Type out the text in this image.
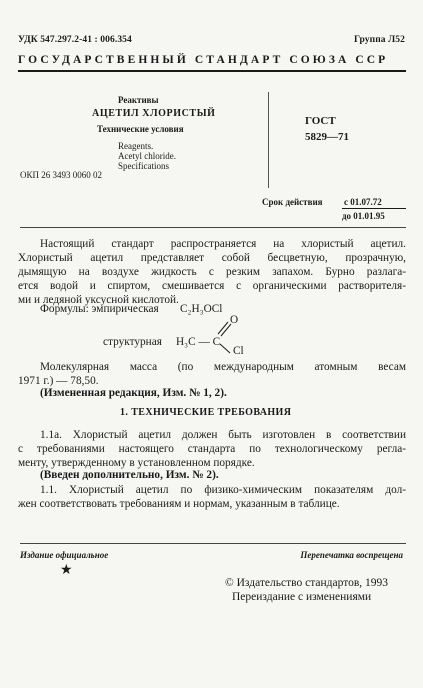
УДК 547.297.2-41 : 006.354	Группа Л52
ГОСУДАРСТВЕННЫЙ СТАНДАРТ СОЮЗА ССР
Реактивы
АЦЕТИЛ ХЛОРИСТЫЙ
Технические условия
Reagents.
Acetyl chloride.
Specifications
ОКП 26 3493 0060 02
ГОСТ
5829—71
Срок действия с 01.07.72
до 01.01.95
Настоящий стандарт распространяется на хлористый ацетил.
Хлористый ацетил представляет собой бесцветную, прозрачную,
дымящую на воздухе жидкость с резким запахом. Бурно разлага-
ется водой и спиртом, смешивается с органическими растворителя-
ми и ледяной уксусной кислотой.
Формулы: эмпирическая C₂H₃OCl
структурная H₃C — C
O
Cl
Молекулярная масса (по международным атомным весам
1971 г.) — 78,50.
(Измененная редакция, Изм. № 1, 2).
1. ТЕХНИЧЕСКИЕ ТРЕБОВАНИЯ
1.1а. Хлористый ацетил должен быть изготовлен в соответствии
с требованиями настоящего стандарта по технологическому регла-
менту, утвержденному в установленном порядке.
(Введен дополнительно, Изм. № 2).
1.1. Хлористый ацетил по физико-химическим показателям дол-
жен соответствовать требованиям и нормам, указанным в таблице.
Издание официальное	Перепечатка воспрещена
★
© Издательство стандартов, 1993
Переиздание с изменениями
